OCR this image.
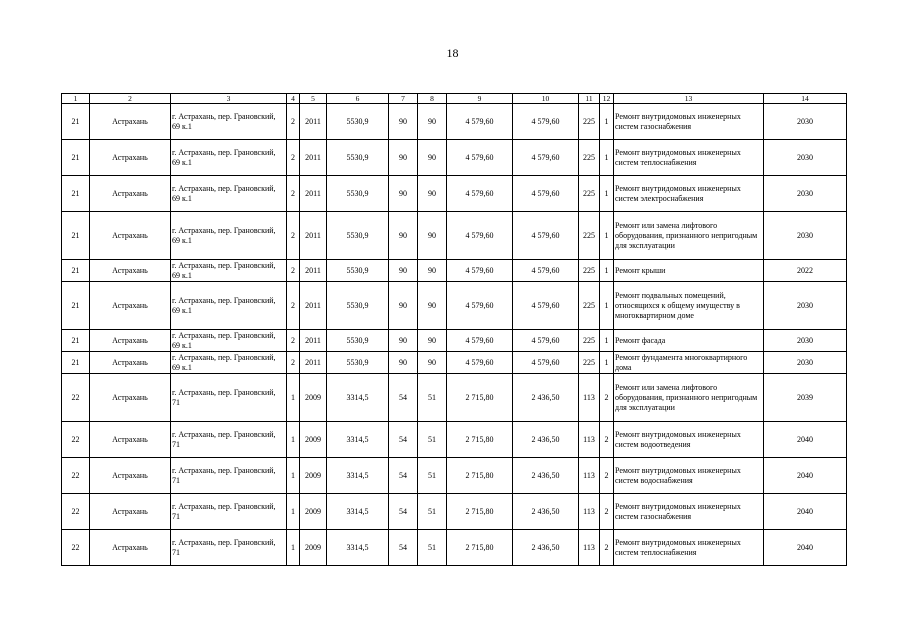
18
1	2	3	4	5	6	7	8	9	10	11	12	13	14
21	Астрахань	г. Астрахань, пер. Грановский, 69 к.1	2	2011	5530,9	90	90	4 579,60	4 579,60	225	1	Ремонт внутридомовых инженерных систем газоснабжения	2030
21	Астрахань	г. Астрахань, пер. Грановский, 69 к.1	2	2011	5530,9	90	90	4 579,60	4 579,60	225	1	Ремонт внутридомовых инженерных систем теплоснабжения	2030
21	Астрахань	г. Астрахань, пер. Грановский, 69 к.1	2	2011	5530,9	90	90	4 579,60	4 579,60	225	1	Ремонт внутридомовых инженерных систем электроснабжения	2030
21	Астрахань	г. Астрахань, пер. Грановский, 69 к.1	2	2011	5530,9	90	90	4 579,60	4 579,60	225	1	Ремонт или замена лифтового оборудования, признанного непригодным для эксплуатации	2030
21	Астрахань	г. Астрахань, пер. Грановский, 69 к.1	2	2011	5530,9	90	90	4 579,60	4 579,60	225	1	Ремонт крыши	2022
21	Астрахань	г. Астрахань, пер. Грановский, 69 к.1	2	2011	5530,9	90	90	4 579,60	4 579,60	225	1	Ремонт подвальных помещений, относящихся к общему имуществу в многоквартирном доме	2030
21	Астрахань	г. Астрахань, пер. Грановский, 69 к.1	2	2011	5530,9	90	90	4 579,60	4 579,60	225	1	Ремонт фасада	2030
21	Астрахань	г. Астрахань, пер. Грановский, 69 к.1	2	2011	5530,9	90	90	4 579,60	4 579,60	225	1	Ремонт фундамента многоквартирного дома	2030
22	Астрахань	г. Астрахань, пер. Грановский, 71	1	2009	3314,5	54	51	2 715,80	2 436,50	113	2	Ремонт или замена лифтового оборудования, признанного непригодным для эксплуатации	2039
22	Астрахань	г. Астрахань, пер. Грановский, 71	1	2009	3314,5	54	51	2 715,80	2 436,50	113	2	Ремонт внутридомовых инженерных систем водоотведения	2040
22	Астрахань	г. Астрахань, пер. Грановский, 71	1	2009	3314,5	54	51	2 715,80	2 436,50	113	2	Ремонт внутридомовых инженерных систем водоснабжения	2040
22	Астрахань	г. Астрахань, пер. Грановский, 71	1	2009	3314,5	54	51	2 715,80	2 436,50	113	2	Ремонт внутридомовых инженерных систем газоснабжения	2040
22	Астрахань	г. Астрахань, пер. Грановский, 71	1	2009	3314,5	54	51	2 715,80	2 436,50	113	2	Ремонт внутридомовых инженерных систем теплоснабжения	2040
